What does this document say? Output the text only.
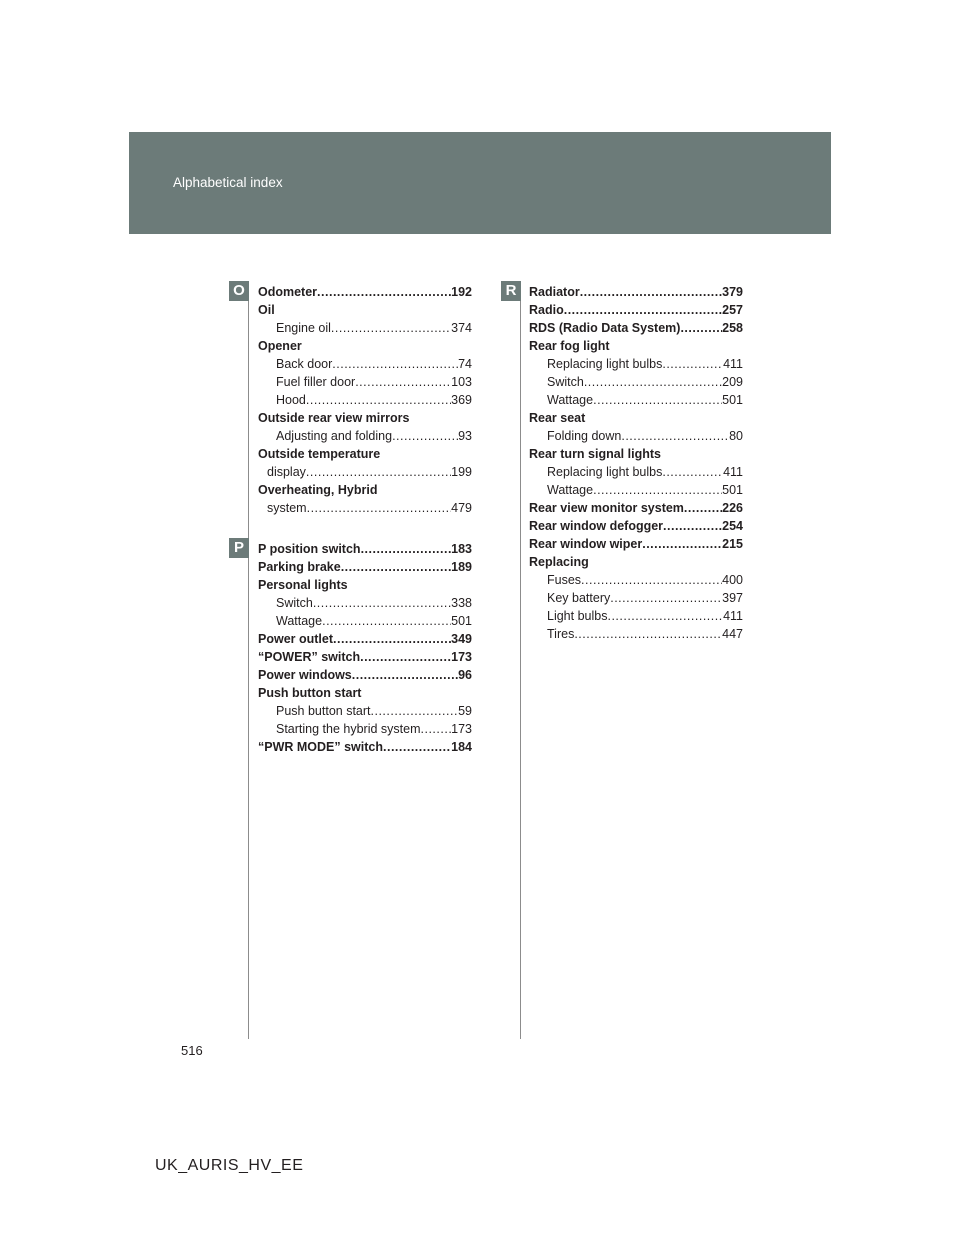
Alphabetical index
O
P
R
Odometer .....	192
Oil
Engine oil .....	374
Opener
Back door .....	74
Fuel filler door .....	103
Hood .....	369
Outside rear view mirrors
Adjusting and folding .....	93
Outside temperature
display .....	199
Overheating, Hybrid
system .....	479
P position switch .....	183
Parking brake .....	189
Personal lights
Switch .....	338
Wattage .....	501
Power outlet .....	349
“POWER” switch .....	173
Power windows .....	96
Push button start
Push button start .....	59
Starting the hybrid system ..... 173
“PWR MODE” switch .....	184
Radiator .....	379
Radio .....	257
RDS (Radio Data System) .....	258
Rear fog light
Replacing light bulbs .....	411
Switch .....	209
Wattage .....	501
Rear seat
Folding down .....	80
Rear turn signal lights
Replacing light bulbs .....	411
Wattage .....	501
Rear view monitor system .....	226
Rear window defogger .....	254
Rear window wiper .....	215
Replacing
Fuses .....	400
Key battery .....	397
Light bulbs .....	411
Tires .....	447
516
UK_AURIS_HV_EE
